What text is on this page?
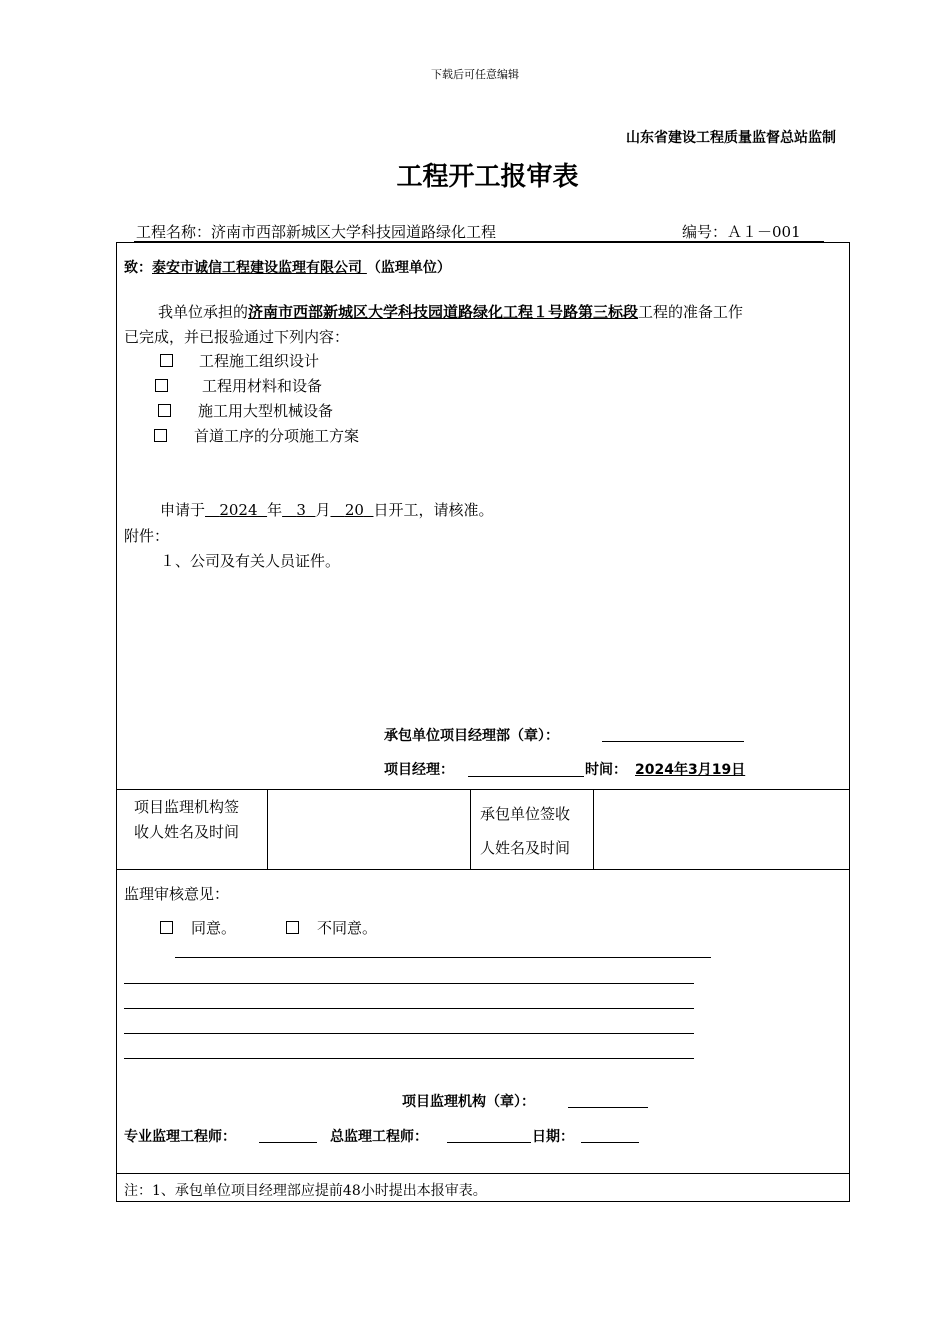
下载后可任意编辑
山东省建设工程质量监督总站监制
工程开工报审表
工程名称：济南市西部新城区大学科技园道路绿化工程	编号：Ａ１－001
致：泰安市诚信工程建设监理有限公司 （监理单位）
我单位承担的济南市西部新城区大学科技园道路绿化工程１号路第三标段工程的准备工作
已完成，并已报验通过下列内容：
工程施工组织设计
工程用材料和设备
施工用大型机械设备
首道工序的分项施工方案
申请于 2024 年 3 月 20 日开工，请核准。
附件：
１、公司及有关人员证件。
承包单位项目经理部（章）：
项目经理：	时间： 2024年3月19日
项目监理机构签
收人姓名及时间
承包单位签收
人姓名及时间
监理审核意见：
同意。	不同意。
项目监理机构（章）：
专业监理工程师：	总监理工程师：	日期：
注：1、承包单位项目经理部应提前48小时提出本报审表。
